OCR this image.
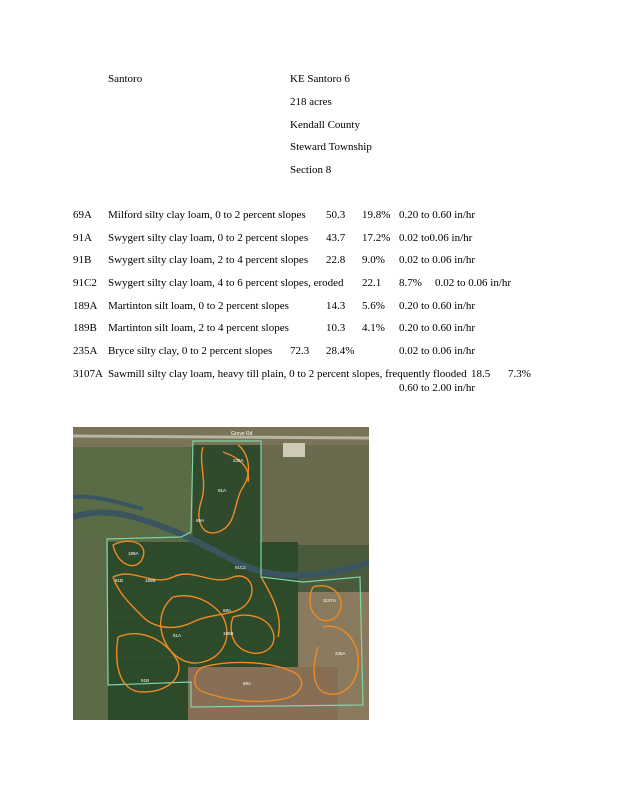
Santoro	KE Santoro 6
218 acres
Kendall County
Steward Township
Section 8
69A Milford silty clay loam, 0 to 2 percent slopes 50.3 19.8% 0.20 to 0.60 in/hr
91A Swygert silty clay loam, 0 to 2 percent slopes 43.7 17.2% 0.02 to0.06 in/hr
91B Swygert silty clay loam, 2 to 4 percent slopes 22.8 9.0% 0.02 to 0.06 in/hr
91C2 Swygert silty clay loam, 4 to 6 percent slopes, eroded 22.1 8.7% 0.02 to 0.06 in/hr
189A Martinton silt loam, 0 to 2 percent slopes	14.3 5.6% 0.20 to 0.60 in/hr
189B Martinton silt loam, 2 to 4 percent slopes	10.3 4.1% 0.20 to 0.60 in/hr
235A Bryce silty clay, 0 to 2 percent slopes 72.3 28.4%	0.02 to 0.06 in/hr
3107A Sawmill silty clay loam, heavy till plain, 0 to 2 percent slopes, frequently flooded 18.5 7.3%
0.60 to 2.00 in/hr
235A
91A
69A
189A
91C2
91B	189B
69A
91A	189B
91B
3107A
235A
69A
Grove Rd
